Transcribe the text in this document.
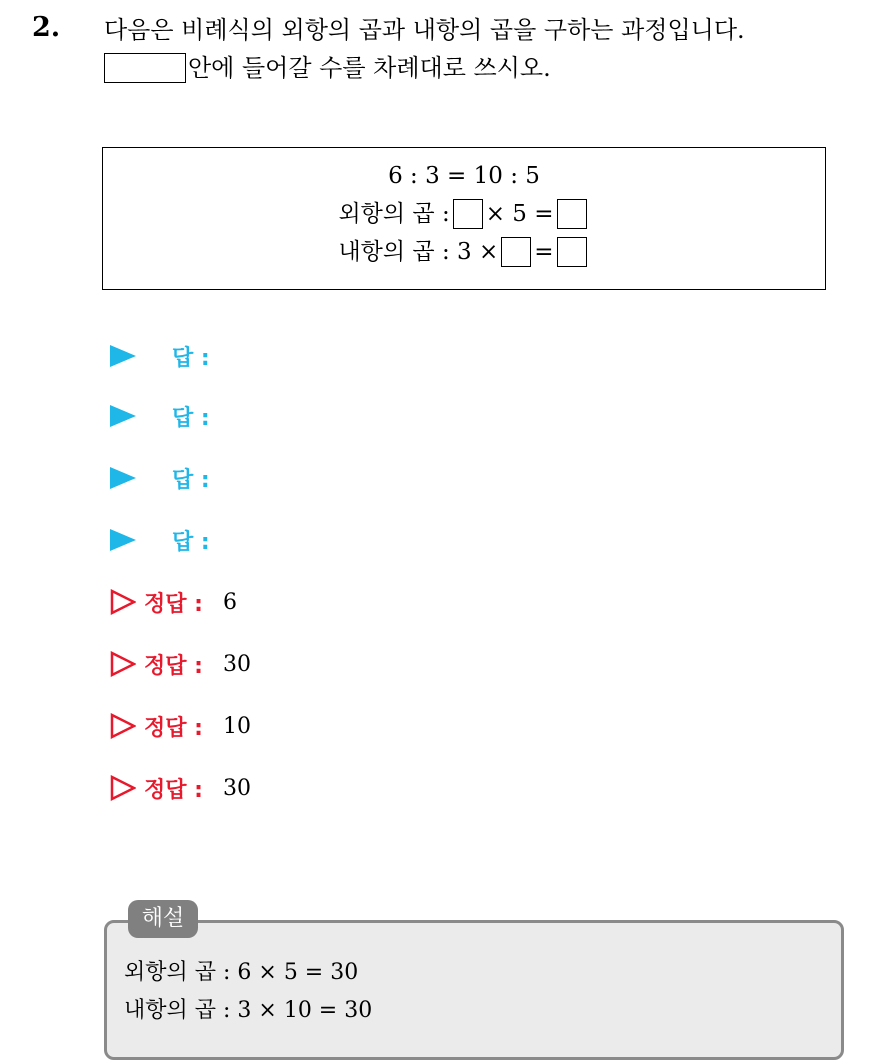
2. 다음은 비례식의 외항의 곱과 내항의 곱을 구하는 과정입니다.
안에 들어갈 수를 차례대로 쓰시오.
6 : 3 = 10 : 5
외항의 곱 : × 5 =
내항의 곱 : 3 × =
답 :
답 :
답 :
답 :
정답 : 6
정답 : 30
정답 : 10
정답 : 30
해설
외항의 곱 : 6 × 5 = 30
내항의 곱 : 3 × 10 = 30
